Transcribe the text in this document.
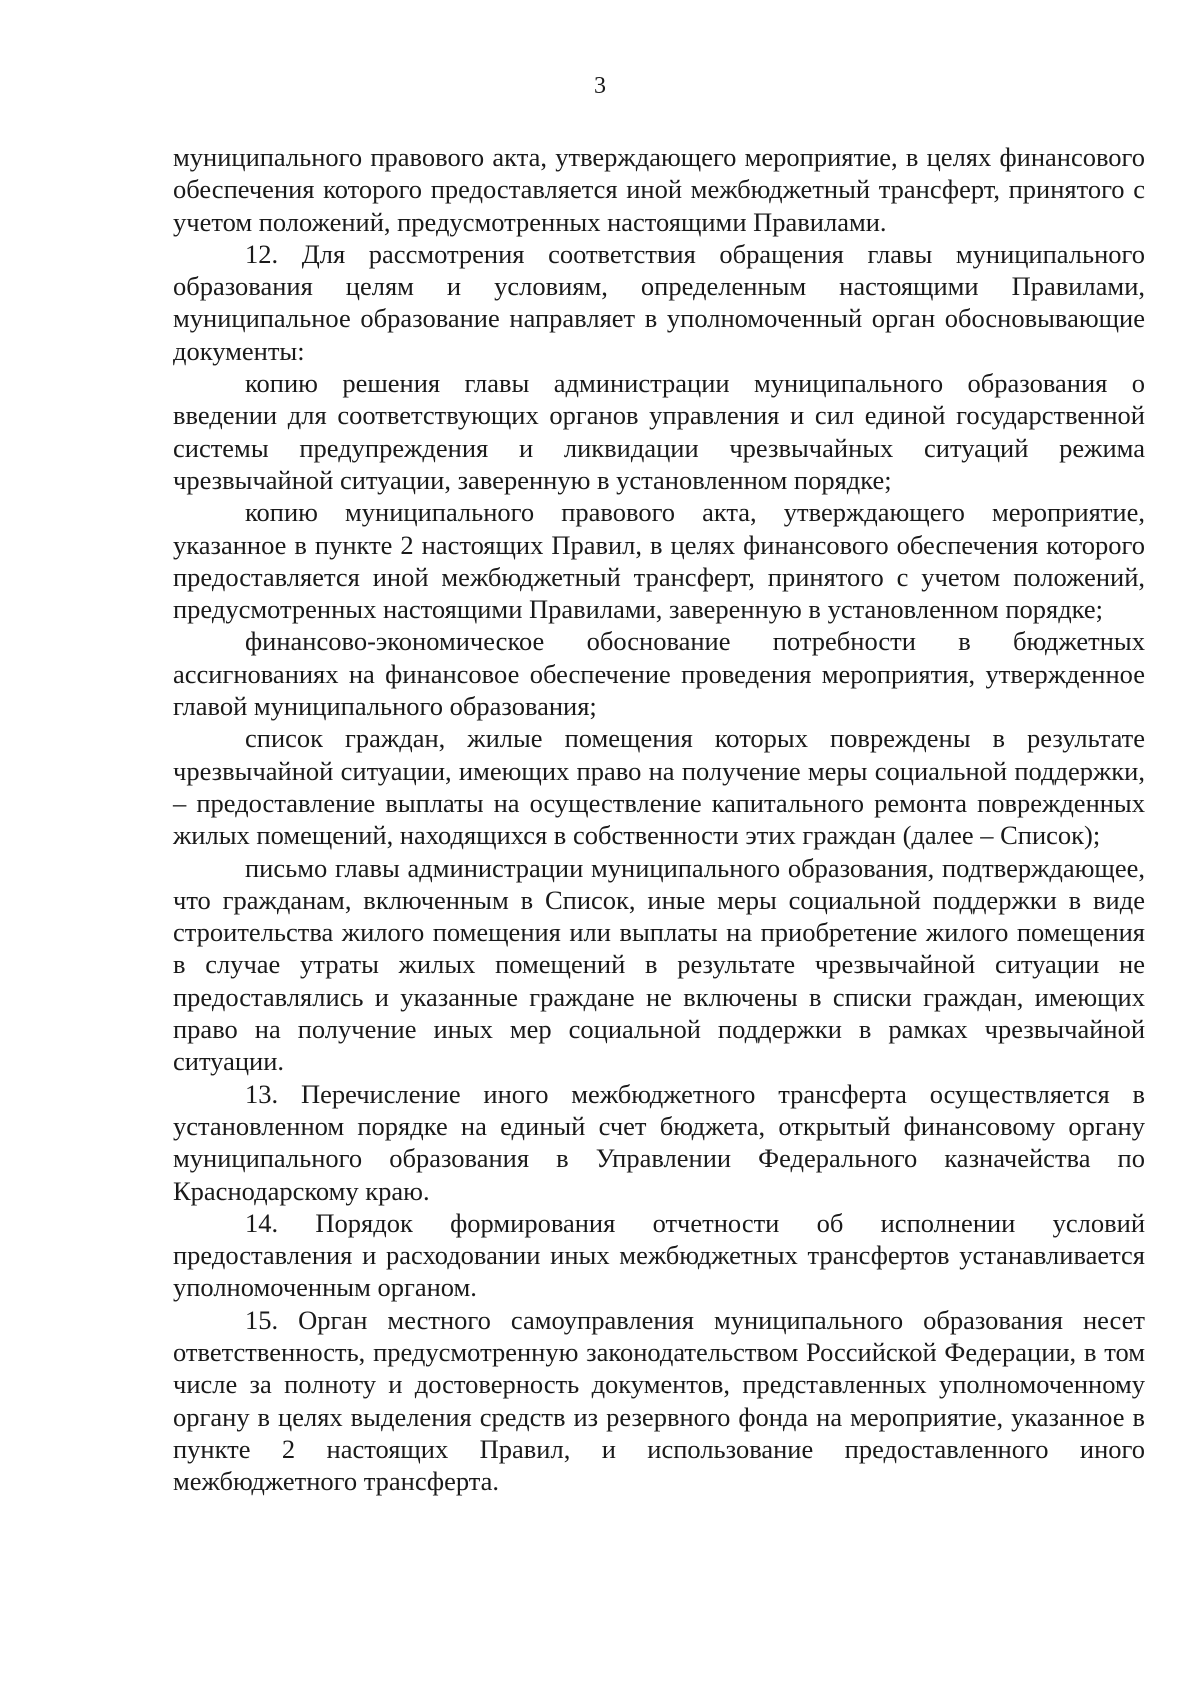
3

муниципального правового акта, утверждающего мероприятие, в целях финансового обеспечения которого предоставляется иной межбюджетный трансферт, принятого с учетом положений, предусмотренных настоящими Правилами.

12. Для рассмотрения соответствия обращения главы муниципального образования целям и условиям, определенным настоящими Правилами, муниципальное образование направляет в уполномоченный орган обосновывающие документы:

копию решения главы администрации муниципального образования о введении для соответствующих органов управления и сил единой государственной системы предупреждения и ликвидации чрезвычайных ситуаций режима чрезвычайной ситуации, заверенную в установленном порядке;

копию муниципального правового акта, утверждающего мероприятие, указанное в пункте 2 настоящих Правил, в целях финансового обеспечения которого предоставляется иной межбюджетный трансферт, принятого с учетом положений, предусмотренных настоящими Правилами, заверенную в установленном порядке;

финансово-экономическое обоснование потребности в бюджетных ассигнованиях на финансовое обеспечение проведения мероприятия, утвержденное главой муниципального образования;

список граждан, жилые помещения которых повреждены в результате чрезвычайной ситуации, имеющих право на получение меры социальной поддержки, – предоставление выплаты на осуществление капитального ремонта поврежденных жилых помещений, находящихся в собственности этих граждан (далее – Список);

письмо главы администрации муниципального образования, подтверждающее, что гражданам, включенным в Список, иные меры социальной поддержки в виде строительства жилого помещения или выплаты на приобретение жилого помещения в случае утраты жилых помещений в результате чрезвычайной ситуации не предоставлялись и указанные граждане не включены в списки граждан, имеющих право на получение иных мер социальной поддержки в рамках чрезвычайной ситуации.

13. Перечисление иного межбюджетного трансферта осуществляется в установленном порядке на единый счет бюджета, открытый финансовому органу муниципального образования в Управлении Федерального казначейства по Краснодарскому краю.

14. Порядок формирования отчетности об исполнении условий предоставления и расходовании иных межбюджетных трансфертов устанавливается уполномоченным органом.

15. Орган местного самоуправления муниципального образования несет ответственность, предусмотренную законодательством Российской Федерации, в том числе за полноту и достоверность документов, представленных уполномоченному органу в целях выделения средств из резервного фонда на мероприятие, указанное в пункте 2 настоящих Правил, и использование предоставленного иного межбюджетного трансферта.
